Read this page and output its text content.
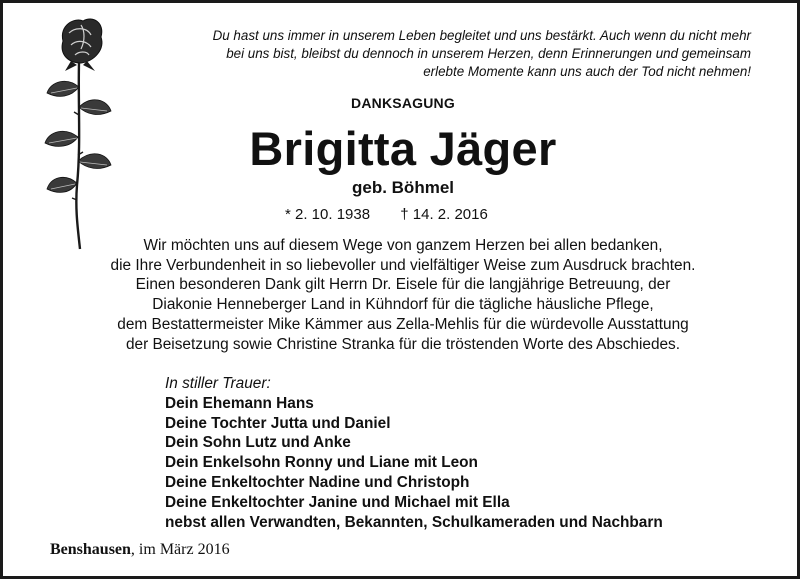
Du hast uns immer in unserem Leben begleitet und uns bestärkt. Auch wenn du nicht mehr
bei uns bist, bleibst du dennoch in unserem Herzen, denn Erinnerungen und gemeinsam
erlebte Momente kann uns auch der Tod nicht nehmen!
DANKSAGUNG
Brigitta Jäger
geb. Böhmel
* 2. 10. 1938 † 14. 2. 2016
Wir möchten uns auf diesem Wege von ganzem Herzen bei allen bedanken,
die Ihre Verbundenheit in so liebevoller und vielfältiger Weise zum Ausdruck brachten.
Einen besonderen Dank gilt Herrn Dr. Eisele für die langjährige Betreuung, der
Diakonie Henneberger Land in Kühndorf für die tägliche häusliche Pflege,
dem Bestattermeister Mike Kämmer aus Zella-Mehlis für die würdevolle Ausstattung
der Beisetzung sowie Christine Stranka für die tröstenden Worte des Abschiedes.
In stiller Trauer:
Dein Ehemann Hans
Deine Tochter Jutta und Daniel
Dein Sohn Lutz und Anke
Dein Enkelsohn Ronny und Liane mit Leon
Deine Enkeltochter Nadine und Christoph
Deine Enkeltochter Janine und Michael mit Ella
nebst allen Verwandten, Bekannten, Schulkameraden und Nachbarn
Benshausen, im März 2016
